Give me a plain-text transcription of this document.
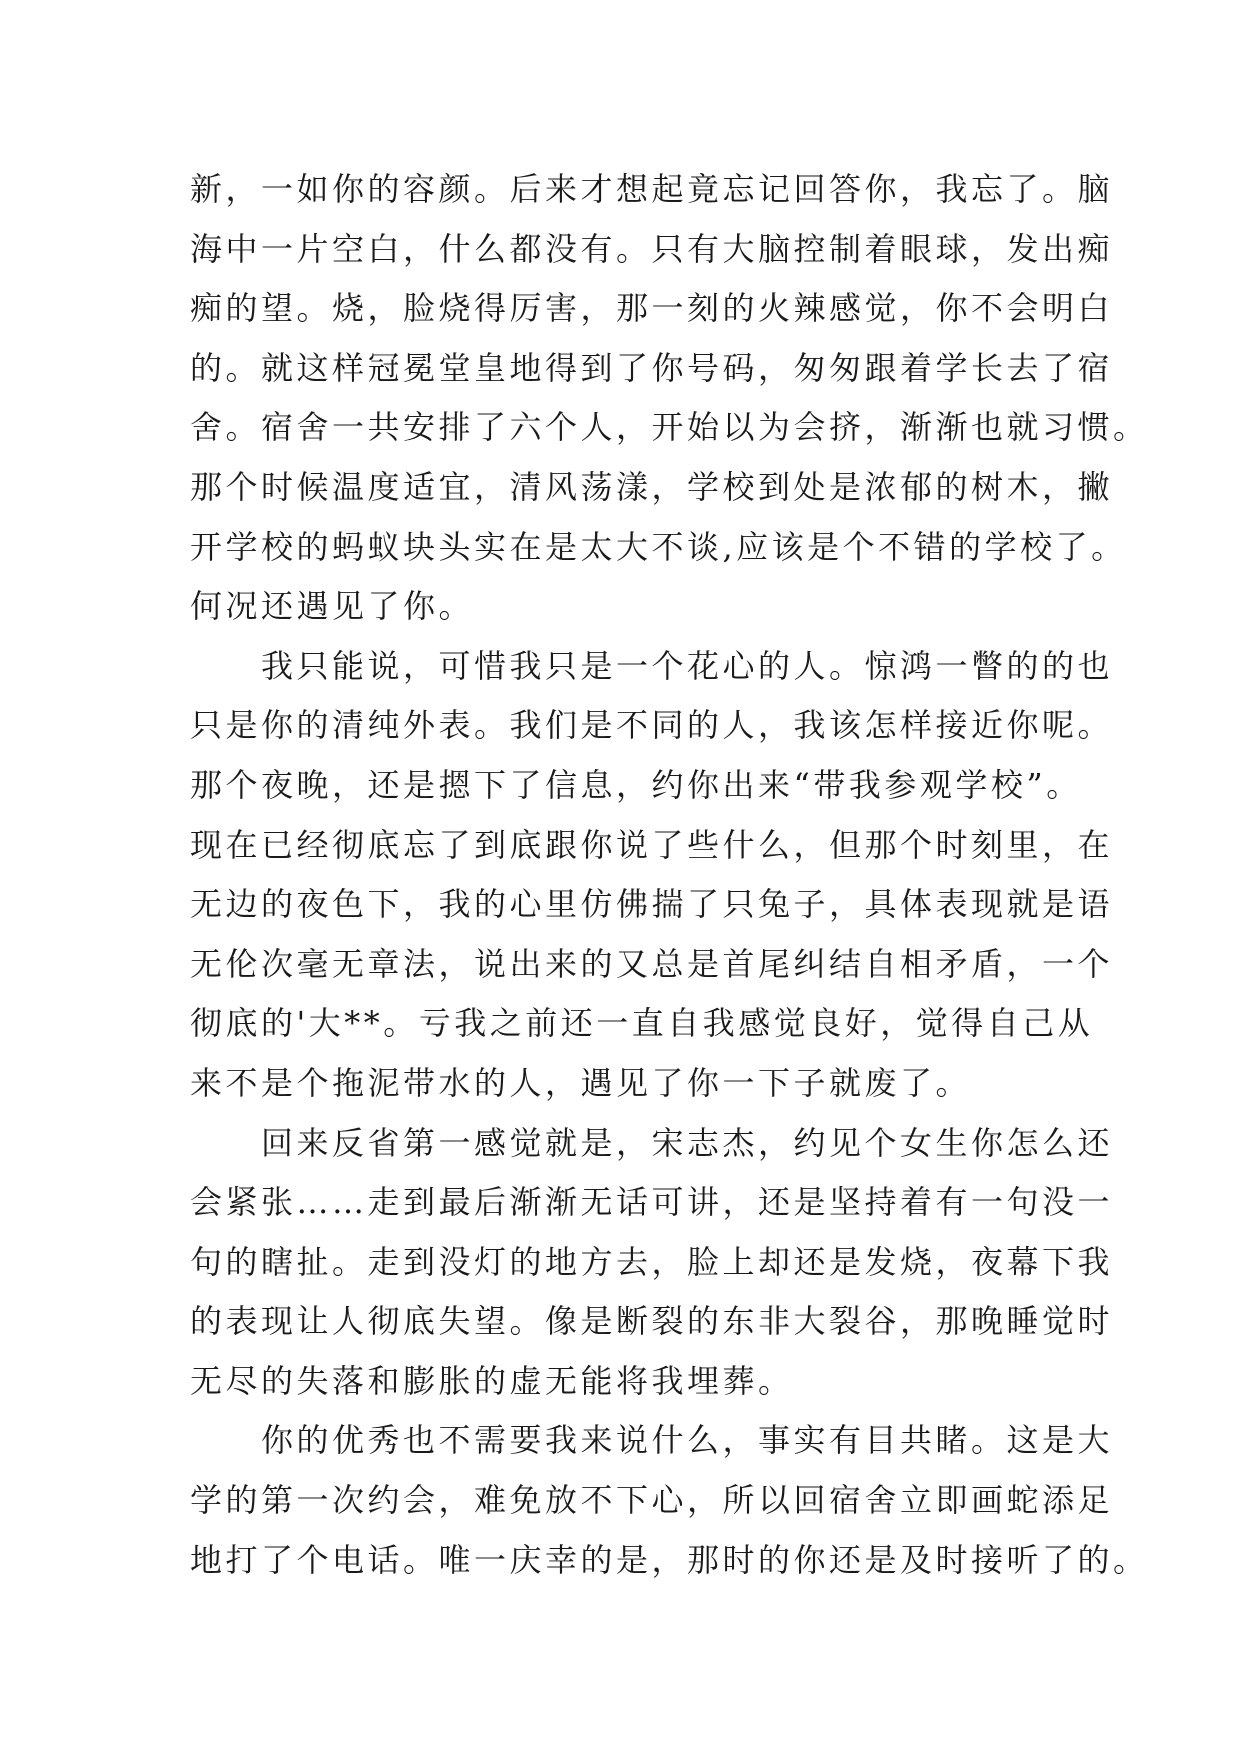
新，一如你的容颜。后来才想起竟忘记回答你，我忘了。脑
海中一片空白，什么都没有。只有大脑控制着眼球，发出痴
痴的望。烧，脸烧得厉害，那一刻的火辣感觉，你不会明白
的。就这样冠冕堂皇地得到了你号码，匆匆跟着学长去了宿
舍。宿舍一共安排了六个人，开始以为会挤，渐渐也就习惯。
那个时候温度适宜，清风荡漾，学校到处是浓郁的树木，撇
开学校的蚂蚁块头实在是太大不谈,应该是个不错的学校了。
何况还遇见了你。
　　我只能说，可惜我只是一个花心的人。惊鸿一瞥的的也
只是你的清纯外表。我们是不同的人，我该怎样接近你呢。
那个夜晚，还是摁下了信息，约你出来“带我参观学校”。
现在已经彻底忘了到底跟你说了些什么，但那个时刻里，在
无边的夜色下，我的心里仿佛揣了只兔子，具体表现就是语
无伦次毫无章法，说出来的又总是首尾纠结自相矛盾，一个
彻底的'大**。亏我之前还一直自我感觉良好，觉得自己从
来不是个拖泥带水的人，遇见了你一下子就废了。
　　回来反省第一感觉就是，宋志杰，约见个女生你怎么还
会紧张……走到最后渐渐无话可讲，还是坚持着有一句没一
句的瞎扯。走到没灯的地方去，脸上却还是发烧，夜幕下我
的表现让人彻底失望。像是断裂的东非大裂谷，那晚睡觉时
无尽的失落和膨胀的虚无能将我埋葬。
　　你的优秀也不需要我来说什么，事实有目共睹。这是大
学的第一次约会，难免放不下心，所以回宿舍立即画蛇添足
地打了个电话。唯一庆幸的是，那时的你还是及时接听了的。
